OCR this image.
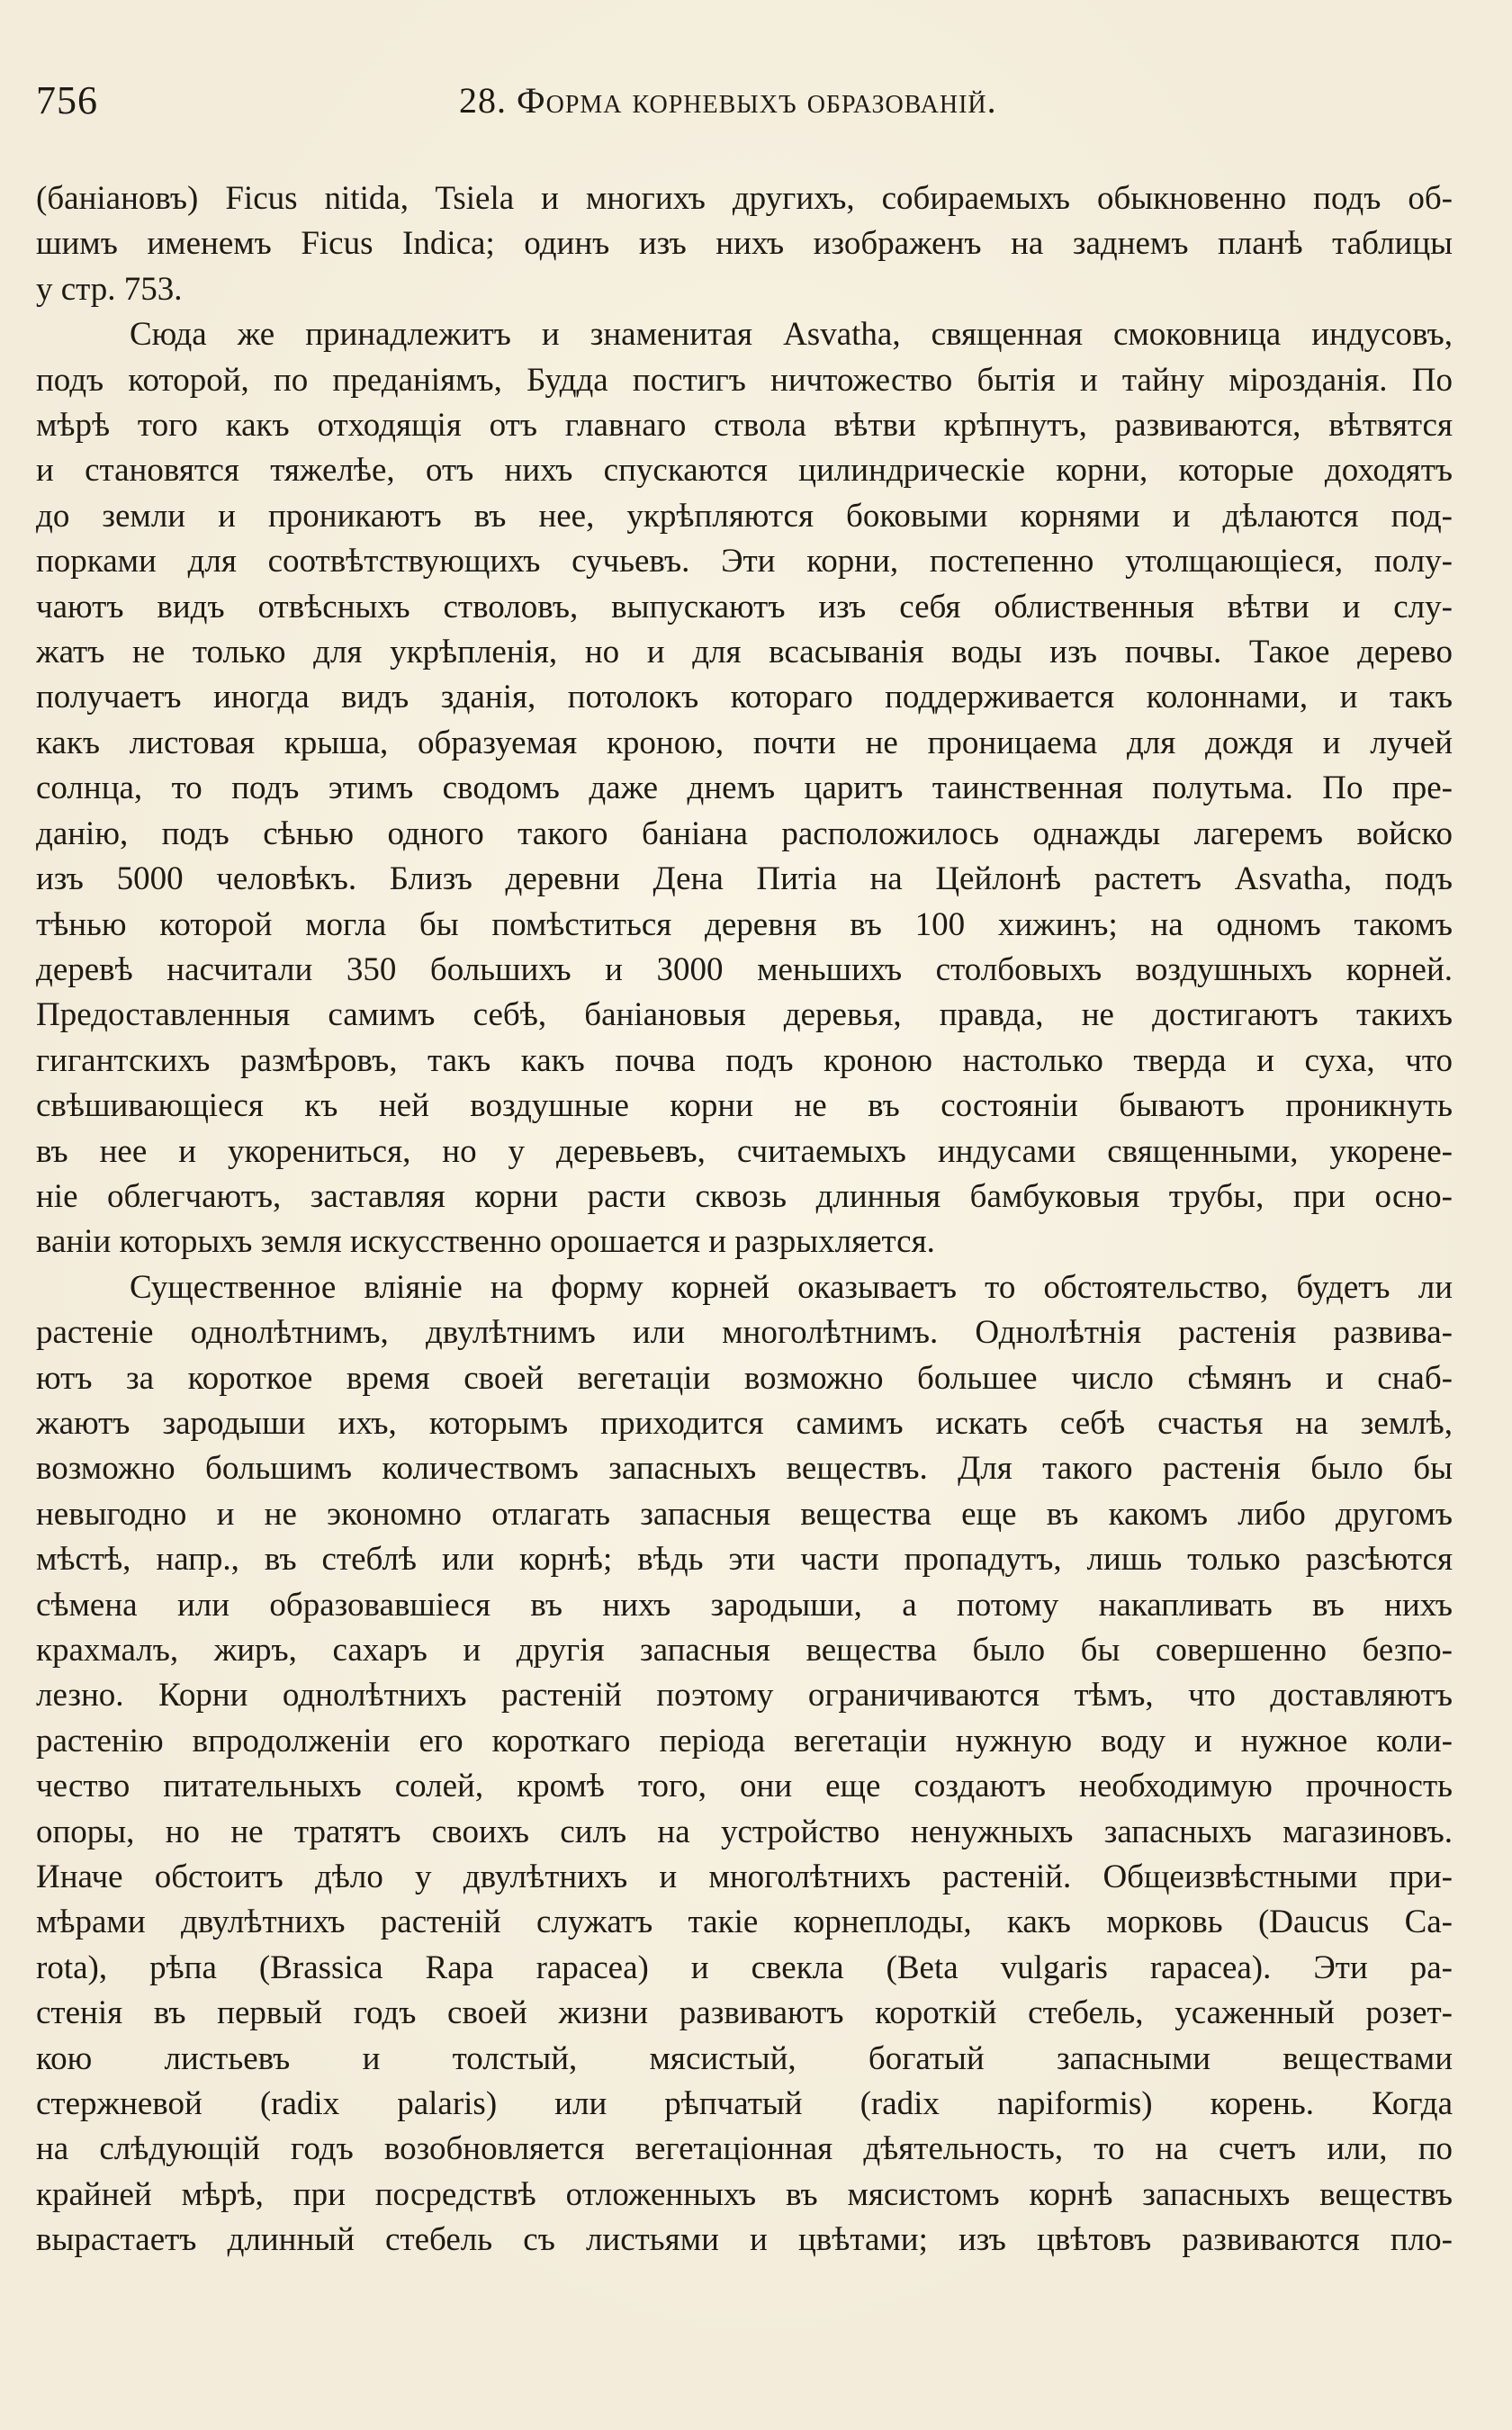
756	28. Форма корневыхъ образованій.
(баніановъ) Ficus nitida, Tsiela и многихъ другихъ, собираемыхъ обыкновенно подъ об-
шимъ именемъ Ficus Indica; одинъ изъ нихъ изображенъ на заднемъ планѣ таблицы
у стр. 753.
Сюда же принадлежитъ и знаменитая Asvatha, священная смоковница индусовъ,
подъ которой, по преданіямъ, Будда постигъ ничтожество бытія и тайну мірозданія. По
мѣрѣ того какъ отходящія отъ главнаго ствола вѣтви крѣпнутъ, развиваются, вѣтвятся
и становятся тяжелѣе, отъ нихъ спускаются цилиндрическіе корни, которые доходятъ
до земли и проникаютъ въ нее, укрѣпляются боковыми корнями и дѣлаются под-
порками для соотвѣтствующихъ сучьевъ. Эти корни, постепенно утолщающіеся, полу-
чаютъ видъ отвѣсныхъ стволовъ, выпускаютъ изъ себя облиственныя вѣтви и слу-
жатъ не только для укрѣпленія, но и для всасыванія воды изъ почвы. Такое дерево
получаетъ иногда видъ зданія, потолокъ котораго поддерживается колоннами, и такъ
какъ листовая крыша, образуемая кроною, почти не проницаема для дождя и лучей
солнца, то подъ этимъ сводомъ даже днемъ царитъ таинственная полутьма. По пре-
данію, подъ сѣнью одного такого баніана расположилось однажды лагеремъ войско
изъ 5000 человѣкъ. Близъ деревни Дена Питіа на Цейлонѣ растетъ Asvatha, подъ
тѣнью которой могла бы помѣститься деревня въ 100 хижинъ; на одномъ такомъ
деревѣ насчитали 350 большихъ и 3000 меньшихъ столбовыхъ воздушныхъ корней.
Предоставленныя самимъ себѣ, баніановыя деревья, правда, не достигаютъ такихъ
гигантскихъ размѣровъ, такъ какъ почва подъ кроною настолько тверда и суха, что
свѣшивающіеся къ ней воздушные корни не въ состояніи бываютъ проникнуть
въ нее и укорениться, но у деревьевъ, считаемыхъ индусами священными, укорене-
ніе облегчаютъ, заставляя корни расти сквозь длинныя бамбуковыя трубы, при осно-
ваніи которыхъ земля искусственно орошается и разрыхляется.
Существенное вліяніе на форму корней оказываетъ то обстоятельство, будетъ ли
растеніе однолѣтнимъ, двулѣтнимъ или многолѣтнимъ. Однолѣтнія растенія развива-
ютъ за короткое время своей вегетаціи возможно большее число сѣмянъ и снаб-
жаютъ зародыши ихъ, которымъ приходится самимъ искать себѣ счастья на землѣ,
возможно большимъ количествомъ запасныхъ веществъ. Для такого растенія было бы
невыгодно и не экономно отлагать запасныя вещества еще въ какомъ либо другомъ
мѣстѣ, напр., въ стеблѣ или корнѣ; вѣдь эти части пропадутъ, лишь только разсѣются
сѣмена или образовавшіеся въ нихъ зародыши, а потому накапливать въ нихъ
крахмалъ, жиръ, сахаръ и другія запасныя вещества было бы совершенно безпо-
лезно. Корни однолѣтнихъ растеній поэтому ограничиваются тѣмъ, что доставляютъ
растенію впродолженіи его короткаго періода вегетаціи нужную воду и нужное коли-
чество питательныхъ солей, кромѣ того, они еще создаютъ необходимую прочность
опоры, но не тратятъ своихъ силъ на устройство ненужныхъ запасныхъ магазиновъ.
Иначе обстоитъ дѣло у двулѣтнихъ и многолѣтнихъ растеній. Общеизвѣстными при-
мѣрами двулѣтнихъ растеній служатъ такіе корнеплоды, какъ морковь (Daucus Ca-
rota), рѣпа (Brassica Rapa rapacea) и свекла (Beta vulgaris rapacea). Эти ра-
стенія въ первый годъ своей жизни развиваютъ короткій стебель, усаженный розет-
кою листьевъ и толстый, мясистый, богатый запасными веществами
стержневой (radix palaris) или рѣпчатый (radix napiformis) корень. Когда
на слѣдующій годъ возобновляется вегетаціонная дѣятельность, то на счетъ или, по
крайней мѣрѣ, при посредствѣ отложенныхъ въ мясистомъ корнѣ запасныхъ веществъ
вырастаетъ длинный стебель съ листьями и цвѣтами; изъ цвѣтовъ развиваются пло-
